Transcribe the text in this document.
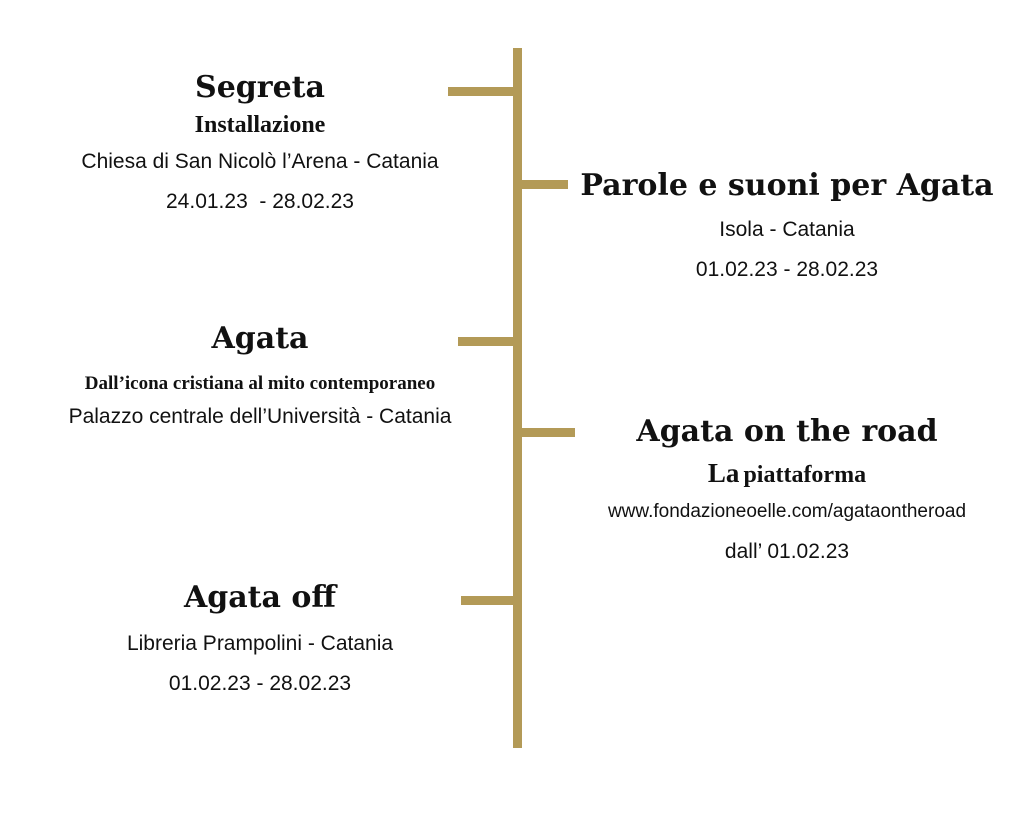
Segreta
Installazione
Chiesa di San Nicolò l’Arena - Catania
24.01.23  - 28.02.23	Parole e suoni per Agata
Isola - Catania
01.02.23 - 28.02.23
Agata
Dall’icona cristiana al mito contemporaneo
Palazzo centrale dell’Università - Catania	Agata on the road
La piattaforma
www.fondazioneoelle.com/agataontheroad
dall’ 01.02.23
Agata off
Libreria Prampolini - Catania
01.02.23 - 28.02.23
